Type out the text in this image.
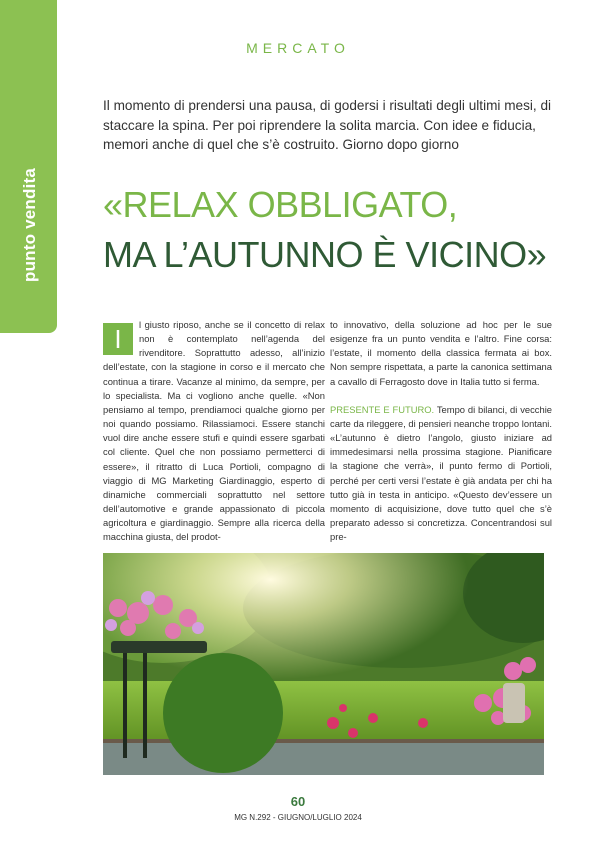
punto vendita
MERCATO
Il momento di prendersi una pausa, di godersi i risultati degli ultimi mesi, di staccare la spina. Per poi riprendere la solita marcia. Con idee e fiducia, memori anche di quel che s’è costruito. Giorno dopo giorno
«RELAX OBBLIGATO,
MA L’AUTUNNO È VICINO»
I	l giusto riposo, anche se il concetto di relax non è contemplato nell’agenda del rivenditore. Soprattutto adesso, all’inizio dell’estate, con la stagione in corso e il mercato che continua a tirare. Vacanze al minimo, da sempre, per lo specialista. Ma ci vogliono anche quelle. «Non pensiamo al tempo, prendiamoci qualche giorno per noi quando possiamo. Rilassiamoci. Essere stanchi vuol dire anche essere stufi e quindi essere sgarbati col cliente. Quel che non possiamo permetterci di essere», il ritratto di Luca Portioli, compagno di viaggio di MG Marketing Giardinaggio, esperto di dinamiche commerciali soprattutto nel settore dell’automotive e grande appassionato di piccola agricoltura e giardinaggio. Sempre alla ricerca della macchina giusta, del prodot-
to innovativo, della soluzione ad hoc per le sue esigenze fra un punto vendita e l’altro. Fine corsa: l’estate, il momento della classica fermata ai box. Non sempre rispettata, a parte la canonica settimana a cavallo di Ferragosto dove in Italia tutto si ferma.
PRESENTE E FUTURO. Tempo di bilanci, di vecchie carte da rileggere, di pensieri neanche troppo lontani. «L’autunno è dietro l’angolo, giusto iniziare ad immedesimarsi nella prossima stagione. Pianificare la stagione che verrà», il punto fermo di Portioli, perché per certi versi l’estate è già andata per chi ha tutto già in testa in anticipo. «Questo dev’essere un momento di acquisizione, dove tutto quel che s’è preparato adesso si concretizza. Concentrandosi sul pre-
60
MG N.292 - GIUGNO/LUGLIO 2024
